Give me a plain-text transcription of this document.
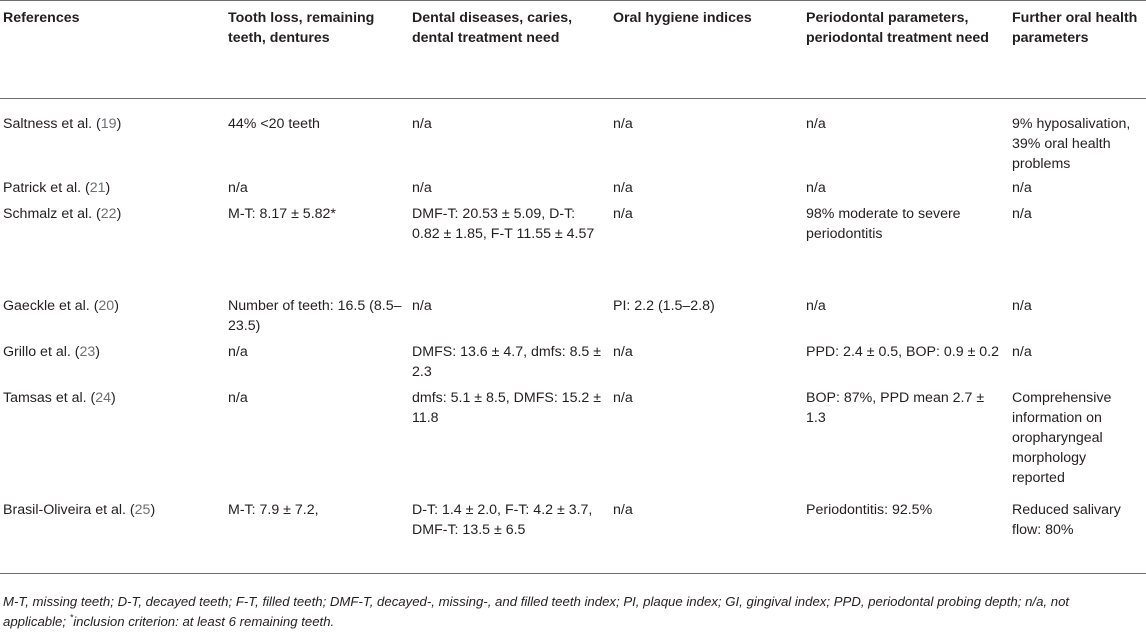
References	Tooth loss, remaining teeth, dentures	Dental diseases, caries, dental treatment need	Oral hygiene indices	Periodontal parameters, periodontal treatment need	Further oral health parameters
Saltness et al. (19)	44% <20 teeth	n/a	n/a	n/a	9% hyposalivation, 39% oral health problems
Patrick et al. (21)	n/a	n/a	n/a	n/a	n/a
Schmalz et al. (22)	M-T: 8.17 ± 5.82*	DMF-T: 20.53 ± 5.09, D-T: 0.82 ± 1.85, F-T 11.55 ± 4.57	n/a	98% moderate to severe periodontitis	n/a
Gaeckle et al. (20)	Number of teeth: 16.5 (8.5–23.5)	n/a	PI: 2.2 (1.5–2.8)	n/a	n/a
Grillo et al. (23)	n/a	DMFS: 13.6 ± 4.7, dmfs: 8.5 ± 2.3	n/a	PPD: 2.4 ± 0.5, BOP: 0.9 ± 0.2	n/a
Tamsas et al. (24)	n/a	dmfs: 5.1 ± 8.5, DMFS: 15.2 ± 11.8	n/a	BOP: 87%, PPD mean 2.7 ± 1.3	Comprehensive information on oropharyngeal morphology reported
Brasil-Oliveira et al. (25)	M-T: 7.9 ± 7.2,	D-T: 1.4 ± 2.0, F-T: 4.2 ± 3.7, DMF-T: 13.5 ± 6.5	n/a	Periodontitis: 92.5%	Reduced salivary flow: 80%
M-T, missing teeth; D-T, decayed teeth; F-T, filled teeth; DMF-T, decayed-, missing-, and filled teeth index; PI, plaque index; GI, gingival index; PPD, periodontal probing depth; n/a, not applicable; *inclusion criterion: at least 6 remaining teeth.
